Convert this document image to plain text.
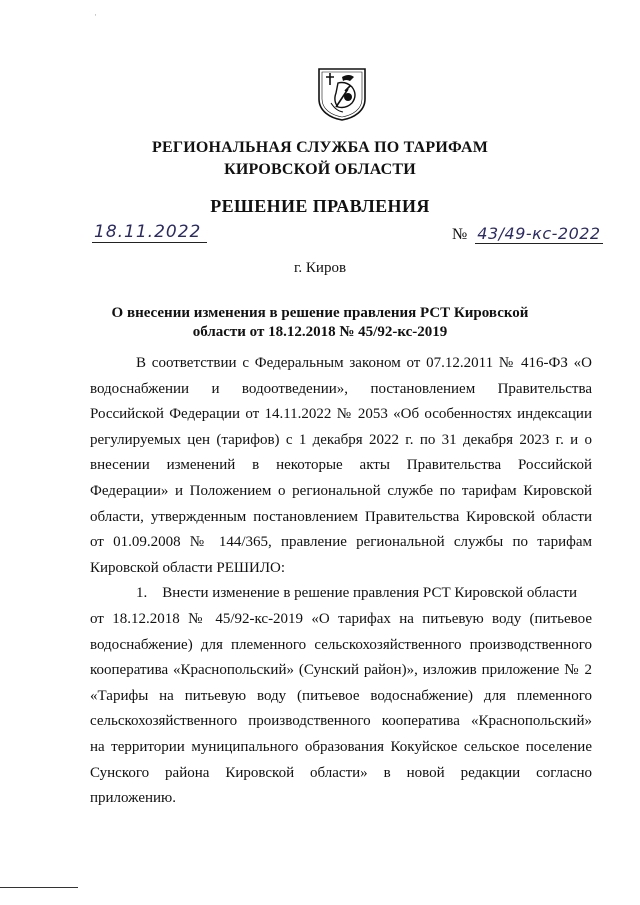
·
РЕГИОНАЛЬНАЯ СЛУЖБА ПО ТАРИФАМ
КИРОВСКОЙ ОБЛАСТИ
РЕШЕНИЕ ПРАВЛЕНИЯ
18.11.2022	№ 43/49-кс-2022
г. Киров
О внесении изменения в решение правления РСТ Кировской
области от 18.12.2018 № 45/92-кс-2019

В соответствии с Федеральным законом от 07.12.2011 № 416-ФЗ «О
водоснабжении и водоотведении», постановлением Правительства
Российской Федерации от 14.11.2022 № 2053 «Об особенностях индексации
регулируемых цен (тарифов) с 1 декабря 2022 г. по 31 декабря 2023 г. и о
внесении изменений в некоторые акты Правительства Российской
Федерации» и Положением о региональной службе по тарифам Кировской
области, утвержденным постановлением Правительства Кировской области
от 01.09.2008 № 144/365, правление региональной службы по тарифам
Кировской области РЕШИЛО:

1.    Внести изменение в решение правления РСТ Кировской области
от 18.12.2018 № 45/92-кс-2019 «О тарифах на питьевую воду (питьевое
водоснабжение) для племенного сельскохозяйственного производственного
кооператива «Краснопольский» (Сунский район)», изложив приложение № 2
«Тарифы на питьевую воду (питьевое водоснабжение) для племенного
сельскохозяйственного производственного кооператива «Краснопольский»
на территории муниципального образования Кокуйское сельское поселение
Сунского района Кировской области» в новой редакции согласно
приложению.
